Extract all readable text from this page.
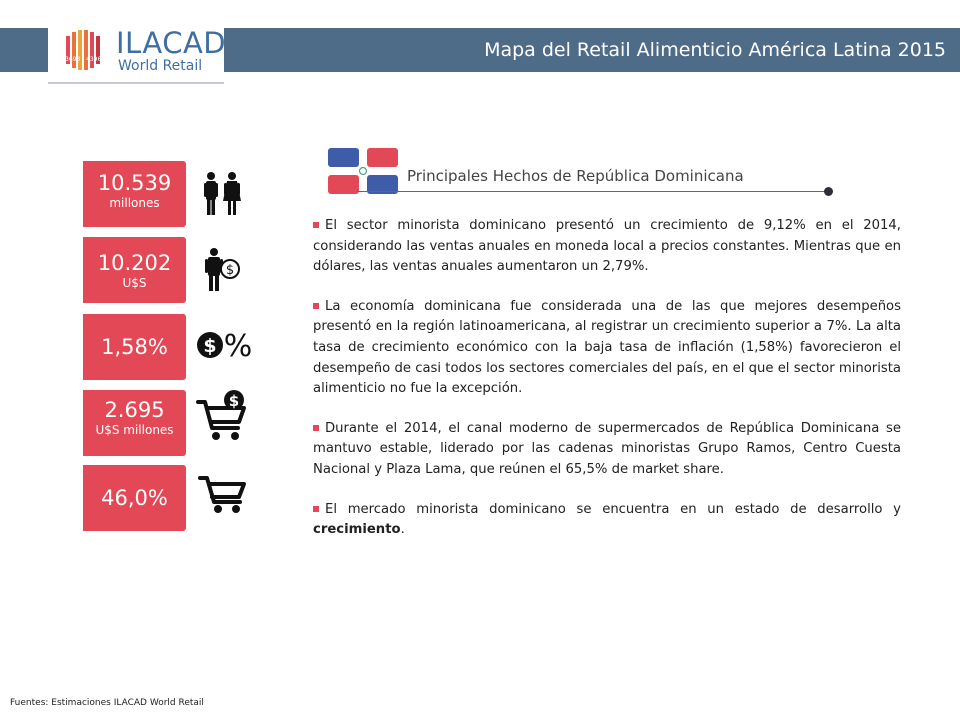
3693 4396 ILACAD
World Retail
Mapa del Retail Alimenticio América Latina 2015
10.539
millones
10.202
U$S
1,58%
2.695
U$S millones
46,0%
$
$ %
$
Principales Hechos de República Dominicana

El sector minorista dominicano presentó un crecimiento de 9,12% en el 2014, considerando las ventas anuales en moneda local a precios constantes. Mientras que en dólares, las ventas anuales aumentaron un 2,79%.

La economía dominicana fue considerada una de las que mejores desempeños presentó en la región latinoamericana, al registrar un crecimiento superior a 7%. La alta tasa de crecimiento económico con la baja tasa de inflación (1,58%) favorecieron el desempeño de casi todos los sectores comerciales del país, en el que el sector minorista alimenticio no fue la excepción.

Durante el 2014, el canal moderno de supermercados de República Dominicana se mantuvo estable, liderado por las cadenas minoristas Grupo Ramos, Centro Cuesta Nacional y Plaza Lama, que reúnen el 65,5% de market share.

El mercado minorista dominicano se encuentra en un estado de desarrollo y crecimiento.

Fuentes: Estimaciones ILACAD World Retail
